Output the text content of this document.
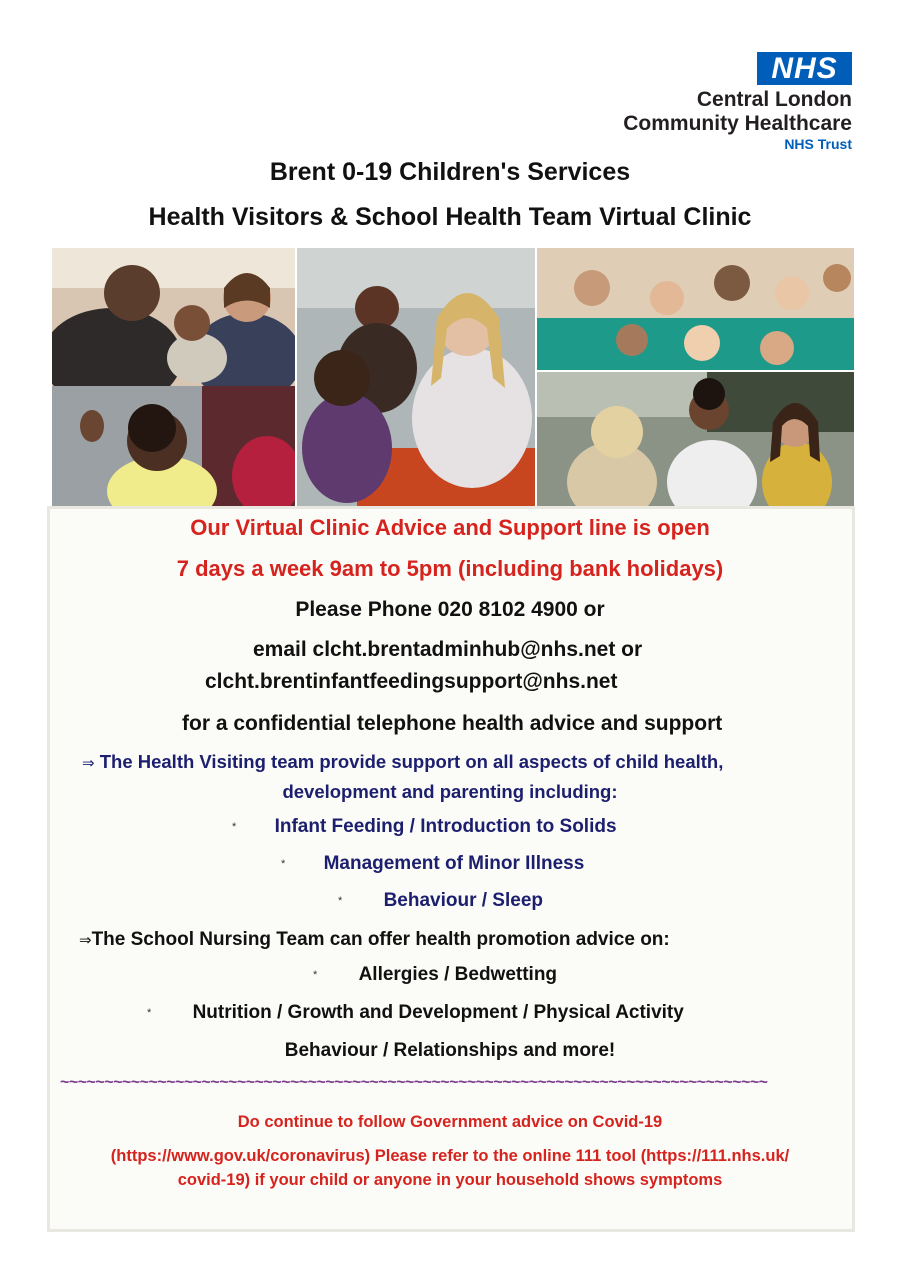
NHS
Central London
Community Healthcare
NHS Trust
Brent 0-19 Children's Services
Health Visitors & School Health Team Virtual Clinic
Our Virtual Clinic Advice and Support line is open
7 days a week 9am to 5pm (including bank holidays)
Please Phone 020 8102 4900 or
email clcht.brentadminhub@nhs.net or
clcht.brentinfantfeedingsupport@nhs.net
for a confidential telephone health advice and support
⇒ The Health Visiting team provide support on all aspects of child health,
development and parenting including:
* Infant Feeding / Introduction to Solids
* Management of Minor Illness
* Behaviour / Sleep
⇒The School Nursing Team can offer health promotion advice on:
* Allergies / Bedwetting
* Nutrition / Growth and Development / Physical Activity
Behaviour / Relationships and more!
~~~~~~~~~~~~~~~~~~~~~~~~~~~~~~~~~~~~~~~~~~~~~~~~~~~~~~~~~~~~~~~~~~~~~~~~~~~~~~~~
Do continue to follow Government advice on Covid-19
(https://www.gov.uk/coronavirus) Please refer to the online 111 tool (https://111.nhs.uk/
covid-19) if your child or anyone in your household shows symptoms
